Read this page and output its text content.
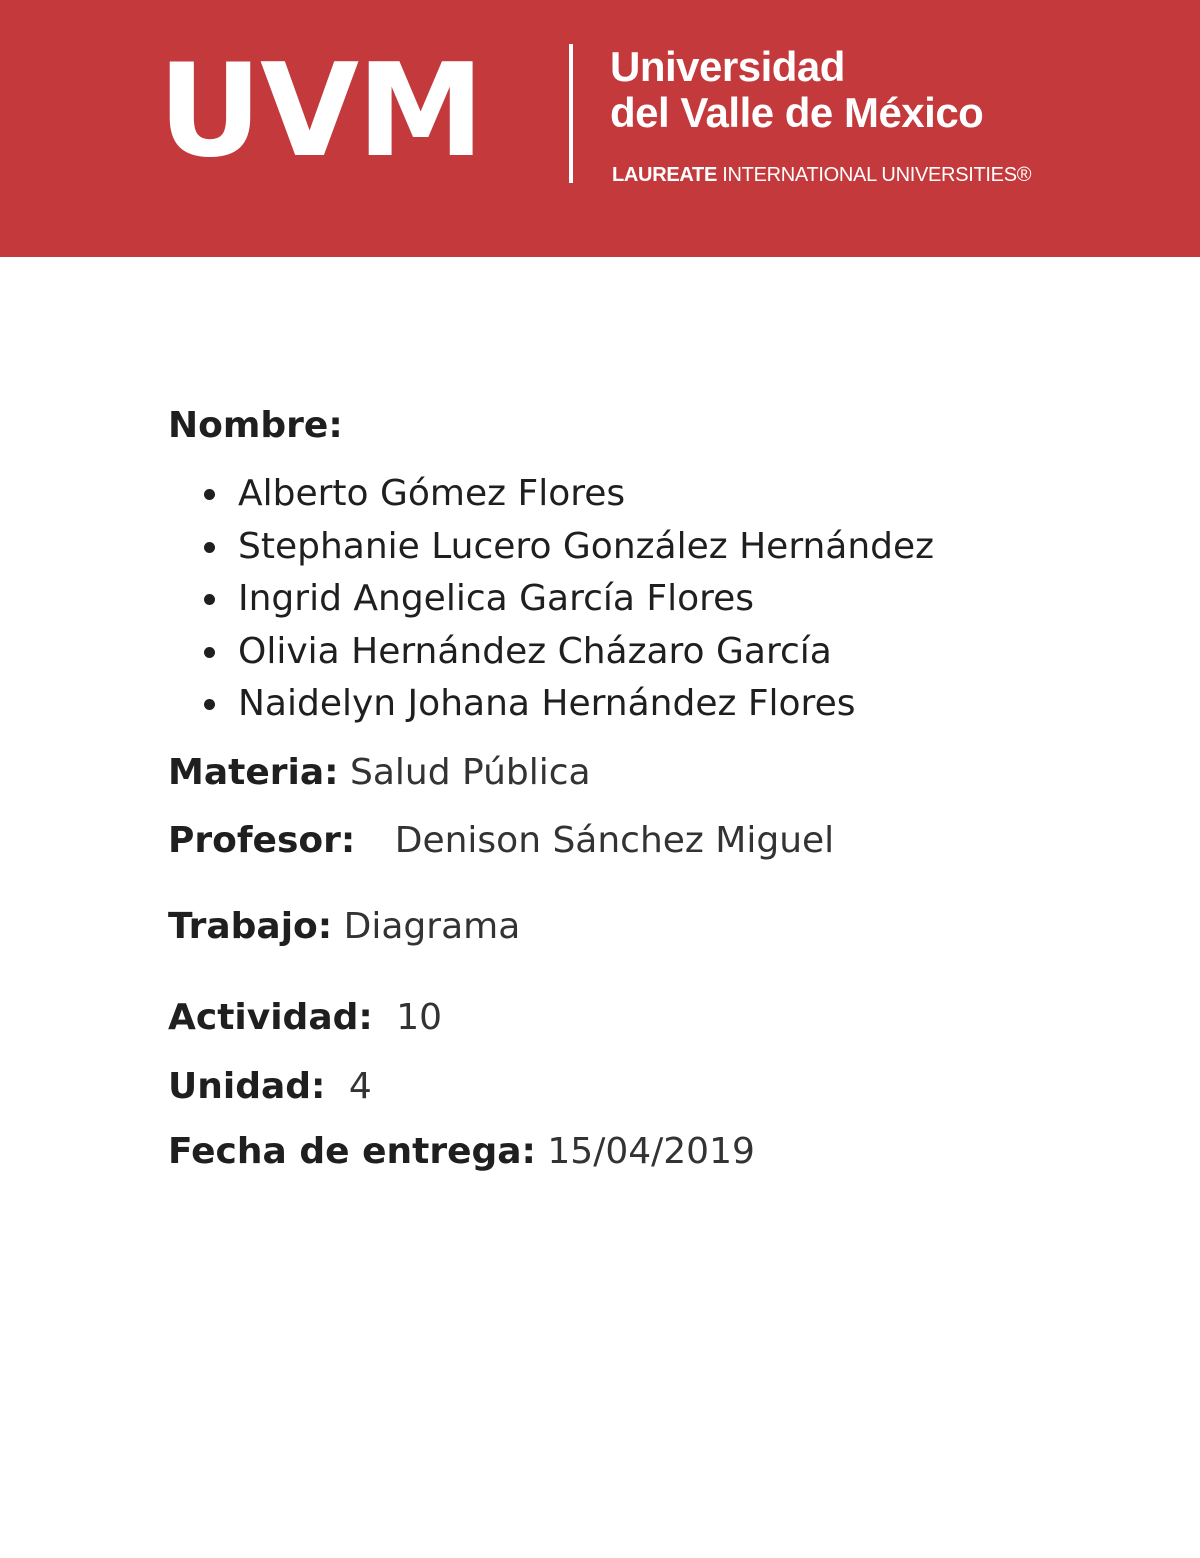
UVM	Universidad
del Valle de México
LAUREATE INTERNATIONAL UNIVERSITIES®
Nombre:
Alberto Gómez Flores
Stephanie Lucero González Hernández
Ingrid Angelica García Flores
Olivia Hernández Cházaro García
Naidelyn Johana Hernández Flores
Materia: Salud Pública
Profesor: Denison Sánchez Miguel
Trabajo: Diagrama
Actividad: 10
Unidad: 4
Fecha de entrega: 15/04/2019
